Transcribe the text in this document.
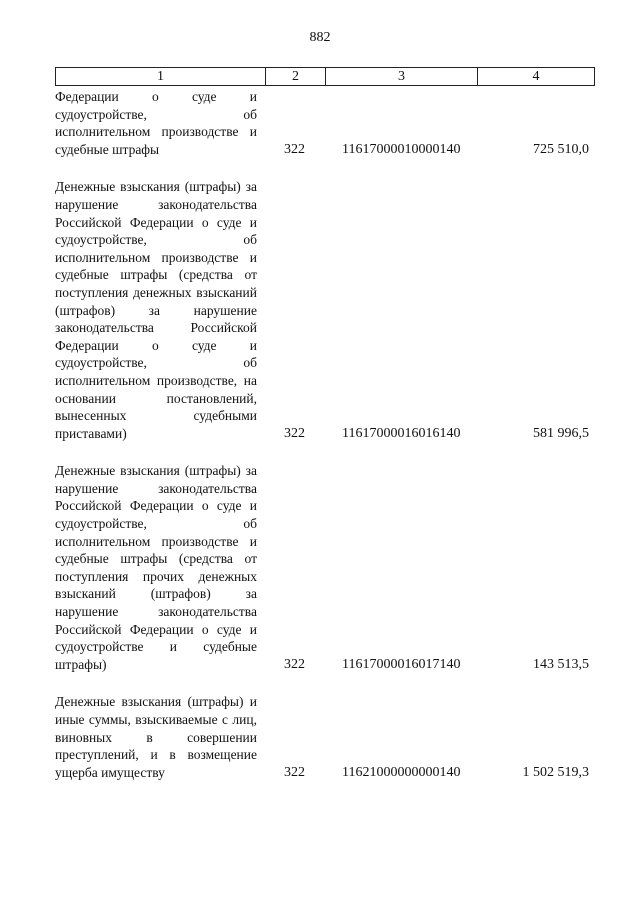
882
1	2	3	4
Федерации о суде и судоустройстве, об исполнительном производстве и судебные штрафы	322	11617000010000140	725 510,0
Денежные взыскания (штрафы) за нарушение законодательства Российской Федерации о суде и судоустройстве, об исполнительном производстве и судебные штрафы (средства от поступления денежных взысканий (штрафов) за нарушение законодательства Российской Федерации о суде и судоустройстве, об исполнительном производстве, на основании постановлений, вынесенных судебными приставами)	322	11617000016016140	581 996,5
Денежные взыскания (штрафы) за нарушение законодательства Российской Федерации о суде и судоустройстве, об исполнительном производстве и судебные штрафы (средства от поступления прочих денежных взысканий (штрафов) за нарушение законодательства Российской Федерации о суде и судоустройстве и судебные штрафы)	322	11617000016017140	143 513,5
Денежные взыскания (штрафы) и иные суммы, взыскиваемые с лиц, виновных в совершении преступлений, и в возмещение ущерба имуществу	322	11621000000000140	1 502 519,3
